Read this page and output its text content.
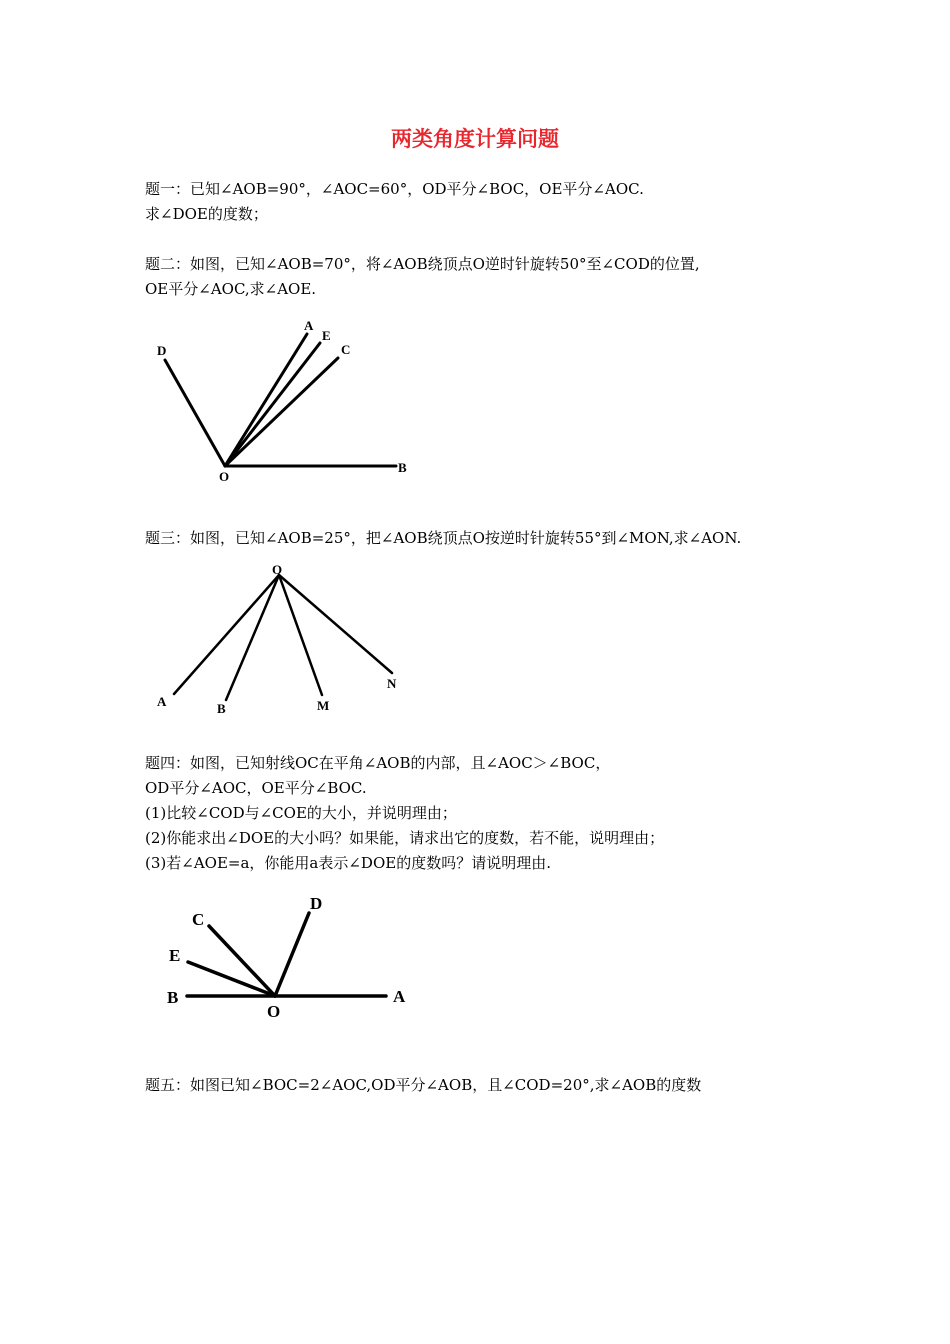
两类角度计算问题
题一：已知∠AOB=90°，∠AOC=60°，OD平分∠BOC，OE平分∠AOC.
求∠DOE的度数；
题二：如图，已知∠AOB=70°，将∠AOB绕顶点O逆时针旋转50°至∠COD的位置,
OE平分∠AOC,求∠AOE.
D
A
E
C
O
B
O
A	B	M
N
C
D
E
B
O
A
题三：如图，已知∠AOB=25°，把∠AOB绕顶点O按逆时针旋转55°到∠MON,求∠AON.
题四：如图，已知射线OC在平角∠AOB的内部，且∠AOC＞∠BOC，
OD平分∠AOC，OE平分∠BOC.
(1)比较∠COD与∠COE的大小，并说明理由；
(2)你能求出∠DOE的大小吗？如果能，请求出它的度数，若不能，说明理由；
(3)若∠AOE=a，你能用a表示∠DOE的度数吗？请说明理由.
题五：如图已知∠BOC=2∠AOC,OD平分∠AOB，且∠COD=20°,求∠AOB的度数
